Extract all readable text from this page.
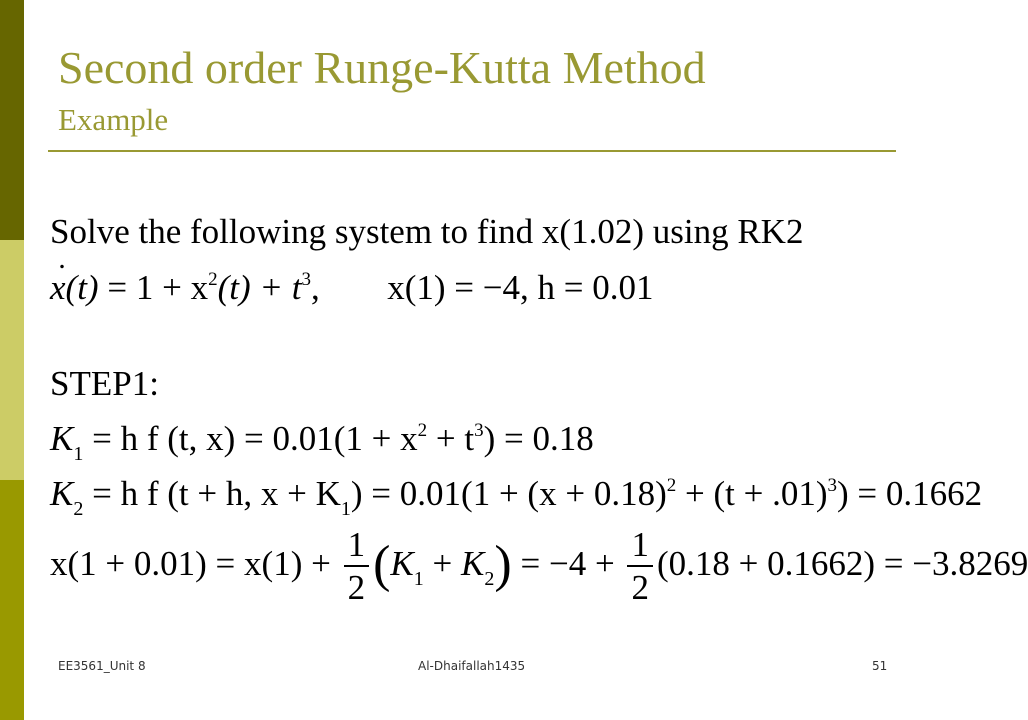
Second order Runge-Kutta Method
Example
Solve the following system to find x(1.02) using RK2
. $x(t) = 1 + x^2(t) + t^3$,  x(1) = −4, h = 0.01
STEP1:
$K_1 = h$ f (t, $x) = 0.01(1 + x^2 + t^3) = 0.18$
$K_2 = h$ f (t + h, $x + K_1) = 0.01(1 + (x + 0.18)^2 + (t + .01)^3) = 0.1662$
$x(1 + 0.01) = x(1) + \frac{1}{2} (K_1 + K_2) = -4 + \frac{1}{2} (0.18 + 0.1662) = -3.8269$
EE3561_Unit 8	Al-Dhaifallah1435	51
